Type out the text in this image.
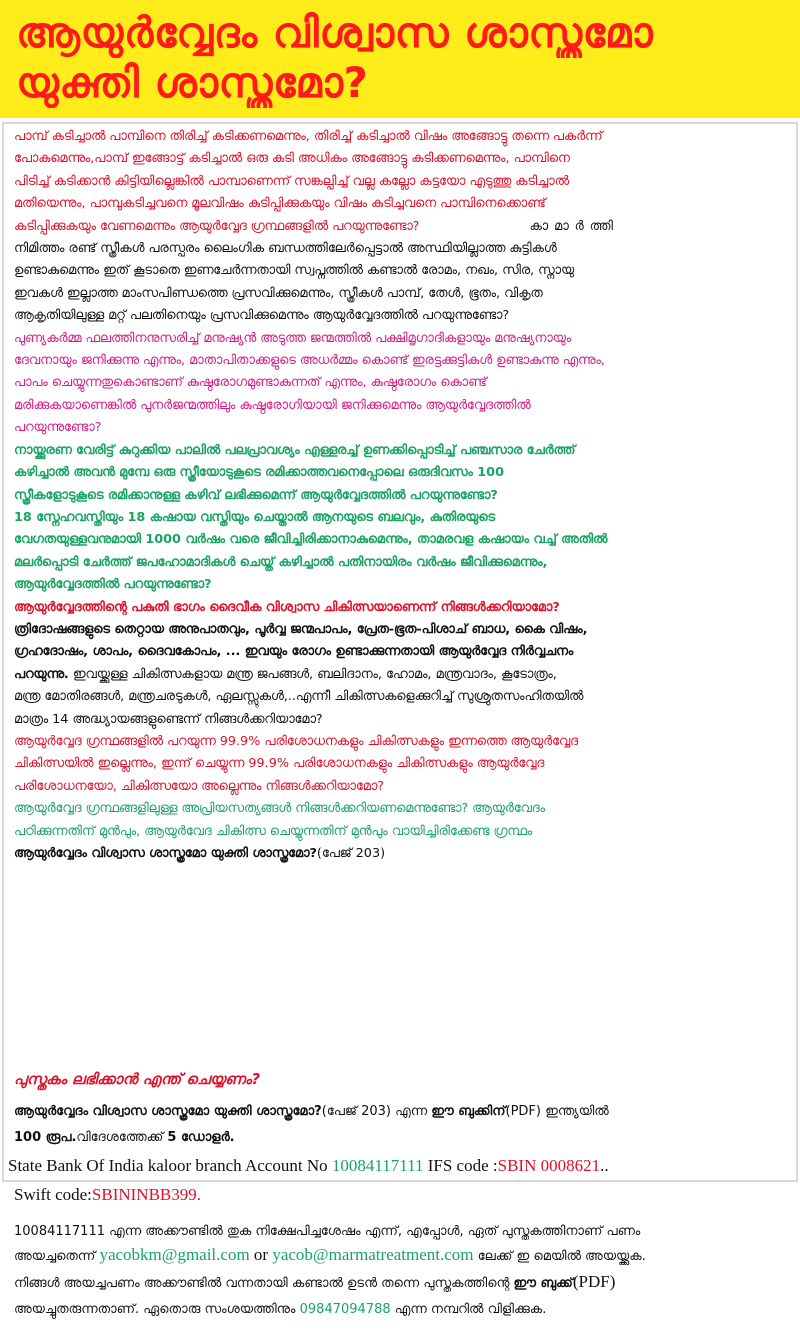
ആയുർവ്വേദം വിശ്വാസ ശാസ്ത്രമോ
യുക്തി ശാസ്ത്രമോ?

പാമ്പ് കടിച്ചാൽ പാമ്പിനെ തിരിച്ച് കടിക്കണമെന്നും, തിരിച്ച് കടിച്ചാൽ വിഷം അങ്ങോട്ടു തന്നെ പകർന്ന്
പോകുമെന്നും,പാമ്പ് ഇങ്ങോട്ട് കടിച്ചാൽ ഒരു കടി അധികം അങ്ങോട്ടു കടിക്കണമെന്നും, പാമ്പിനെ
പിടിച്ച് കടിക്കാൻ കിട്ടിയില്ലെങ്കിൽ പാമ്പാണെന്ന് സങ്കല്പിച്ച് വല്ല കല്ലോ കട്ടയോ എടുത്തു കടിച്ചാൽ
മതിയെന്നും, പാമ്പുകടിച്ചവനെ മൂലവിഷം കുടിപ്പിക്കുകയും വിഷം കുടിച്ചവനെ പാമ്പിനെക്കൊണ്ട്
കടിപ്പിക്കുകയും വേണമെന്നും ആയുർവ്വേദ ഗ്രന്ഥങ്ങളിൽ പറയുന്നുണ്ടോ?	കാമാർത്തി

നിമിത്തം രണ്ട് സ്ത്രീകൾ പരസ്പരം ലൈംഗിക ബന്ധത്തിലേർപ്പെട്ടാൽ അസ്ഥിയില്ലാത്ത കുട്ടികൾ
ഉണ്ടാകുമെന്നും ഇത് കൂടാതെ ഇണചേർന്നതായി സ്വപ്നത്തിൽ കണ്ടാൽ രോമം, നഖം, സിര, സ്നായു
ഇവകൾ ഇല്ലാത്ത മാംസപിണ്ഡത്തെ പ്രസവിക്കുമെന്നും, സ്ത്രീകൾ പാമ്പ്, തേൾ, ഭൂതം, വികൃത
ആകൃതിയിലുള്ള മറ്റ് പലതിനെയും പ്രസവിക്കുമെന്നും ആയുർവ്വേദത്തിൽ പറയുന്നുണ്ടോ?

പുണ്യകർമ്മ ഫലത്തിനനുസരിച്ച് മനുഷ്യൻ അടുത്ത ജന്മത്തിൽ പക്ഷിമൃഗാദികളായും മനുഷ്യനായും
ദേവനായും ജനിക്കുന്നു എന്നും, മാതാപിതാക്കളുടെ അധർമ്മം കൊണ്ട് ഇരട്ടക്കുട്ടികൾ ഉണ്ടാകുന്നു എന്നും,
പാപം ചെയ്യുന്നതുകൊണ്ടാണ് കുഷ്ഠരോഗമുണ്ടാകുന്നത് എന്നും, കുഷ്ഠരോഗം കൊണ്ട്
മരിക്കുകയാണെങ്കിൽ പുനർജന്മത്തിലും കുഷ്ഠരോഗിയായി ജനിക്കുമെന്നും ആയുർവ്വേദത്തിൽ
പറയുന്നുണ്ടോ?

നായ്ക്കുരണ വേരിട്ട് കുറുക്കിയ പാലിൽ പലപ്രാവശ്യം എള്ളരച്ച് ഉണക്കിപ്പൊടിച്ച് പഞ്ചസാര ചേർത്ത്
കഴിച്ചാൽ അവൻ മുമ്പേ ഒരു സ്ത്രീയോടുകൂടെ രമിക്കാത്തവനെപ്പോലെ ഒരുദിവസം 100
സ്ത്രീകളോടുകൂടെ രമിക്കാനുള്ള കഴിവ് ലഭിക്കുമെന്ന് ആയുർവ്വേദത്തിൽ പറയുന്നുണ്ടോ?

18 സ്നേഹവസ്തിയും 18 കഷായ വസ്തിയും ചെയ്താൽ ആനയുടെ ബലവും, കുതിരയുടെ
വേഗതയുള്ളവനുമായി 1000 വർഷം വരെ ജീവിച്ചിരിക്കാനാകുമെന്നും, താമരവള കഷായം വച്ച് അതിൽ
മലർപ്പൊടി ചേർത്ത് ജപഹോമാദികൾ ചെയ്ത് കഴിച്ചാൽ പതിനായിരം വർഷം ജീവിക്കുമെന്നും,
ആയുർവ്വേദത്തിൽ പറയുന്നുണ്ടോ?

ആയുർവ്വേദത്തിന്റെ പകുതി ഭാഗം ദൈവീക വിശ്വാസ ചികിത്സയാണെന്ന് നിങ്ങൾക്കറിയാമോ?

ത്രിദോഷങ്ങളുടെ തെറ്റായ അനുപാതവും, പൂർവ്വ ജന്മപാപം, പ്രേത-ഭൂത-പിശാച് ബാധ, കൈ വിഷം,
ഗ്രഹദോഷം, ശാപം, ദൈവകോപം, ... ഇവയും രോഗം ഉണ്ടാക്കുന്നതായി ആയുർവ്വേദ നിർവ്വചനം
പറയുന്നു. ഇവയ്ക്കുള്ള ചികിത്സകളായ മന്ത്ര ജപങ്ങൾ, ബലിദാനം, ഹോമം, മന്ത്രവാദം, കൂടോത്രം,
മന്ത്ര മോതിരങ്ങൾ, മന്ത്രചരടുകൾ, ഏലസ്സുകൾ,..എന്നീ ചികിത്സകളെക്കുറിച്ച് സുശ്രുതസംഹിതയിൽ
മാത്രം 14 അദ്ധ്യായങ്ങളുണ്ടെന്ന് നിങ്ങൾക്കറിയാമോ?

ആയുർവ്വേദ ഗ്രന്ഥങ്ങളിൽ പറയുന്ന 99.9% പരിശോധനകളും ചികിത്സകളും ഇന്നത്തെ ആയുർവ്വേദ
ചികിത്സയിൽ ഇല്ലെന്നും, ഇന്ന് ചെയ്യുന്ന 99.9% പരിശോധനകളും ചികിത്സകളും ആയുർവ്വേദ
പരിശോധനയോ, ചികിത്സയോ അല്ലെന്നും നിങ്ങൾക്കറിയാമോ?

ആയുർവ്വേദ ഗ്രന്ഥങ്ങളിലുള്ള അപ്രിയസത്യങ്ങൾ നിങ്ങൾക്കറിയണമെന്നുണ്ടോ? ആയുർവേദം
പഠിക്കുന്നതിന് മുൻപും, ആയുർവേദ ചികിത്സ ചെയ്യുന്നതിന് മുൻപും വായിച്ചിരിക്കേണ്ട ഗ്രന്ഥം
ആയുർവ്വേദം വിശ്വാസ ശാസ്ത്രമോ യുക്തി ശാസ്ത്രമോ?(പേജ് 203)

പുസ്തകം ലഭിക്കാൻ എന്ത് ചെയ്യണം?
ആയുർവ്വേദം വിശ്വാസ ശാസ്ത്രമോ യുക്തി ശാസ്ത്രമോ?(പേജ് 203) എന്ന ഈ ബുക്കിന്(PDF) ഇന്ത്യയിൽ
100 രൂപ.വിദേശത്തേക്ക് 5 ഡോളർ.
State Bank Of India kaloor branch Account No 10084117111 IFS code :SBIN 0008621..
Swift code:SBININBB399.
10084117111 എന്ന അക്കൗണ്ടിൽ തുക നിക്ഷേപിച്ചശേഷം എന്ന്, എപ്പോൾ, ഏത് പുസ്തകത്തിനാണ് പണം
അയച്ചതെന്ന് yacobkm@gmail.com or yacob@marmatreatment.com ലേക്ക് ഇ മെയിൽ അയയ്ക്കുക.
നിങ്ങൾ അയച്ചപണം അക്കൗണ്ടിൽ വന്നതായി കണ്ടാൽ ഉടൻ തന്നെ പുസ്തകത്തിന്റെ ഈ ബുക്ക്(PDF)
അയച്ചുതരുന്നതാണ്. ഏതൊരു സംശയത്തിനും 09847094788 എന്ന നമ്പറിൽ വിളിക്കുക.
